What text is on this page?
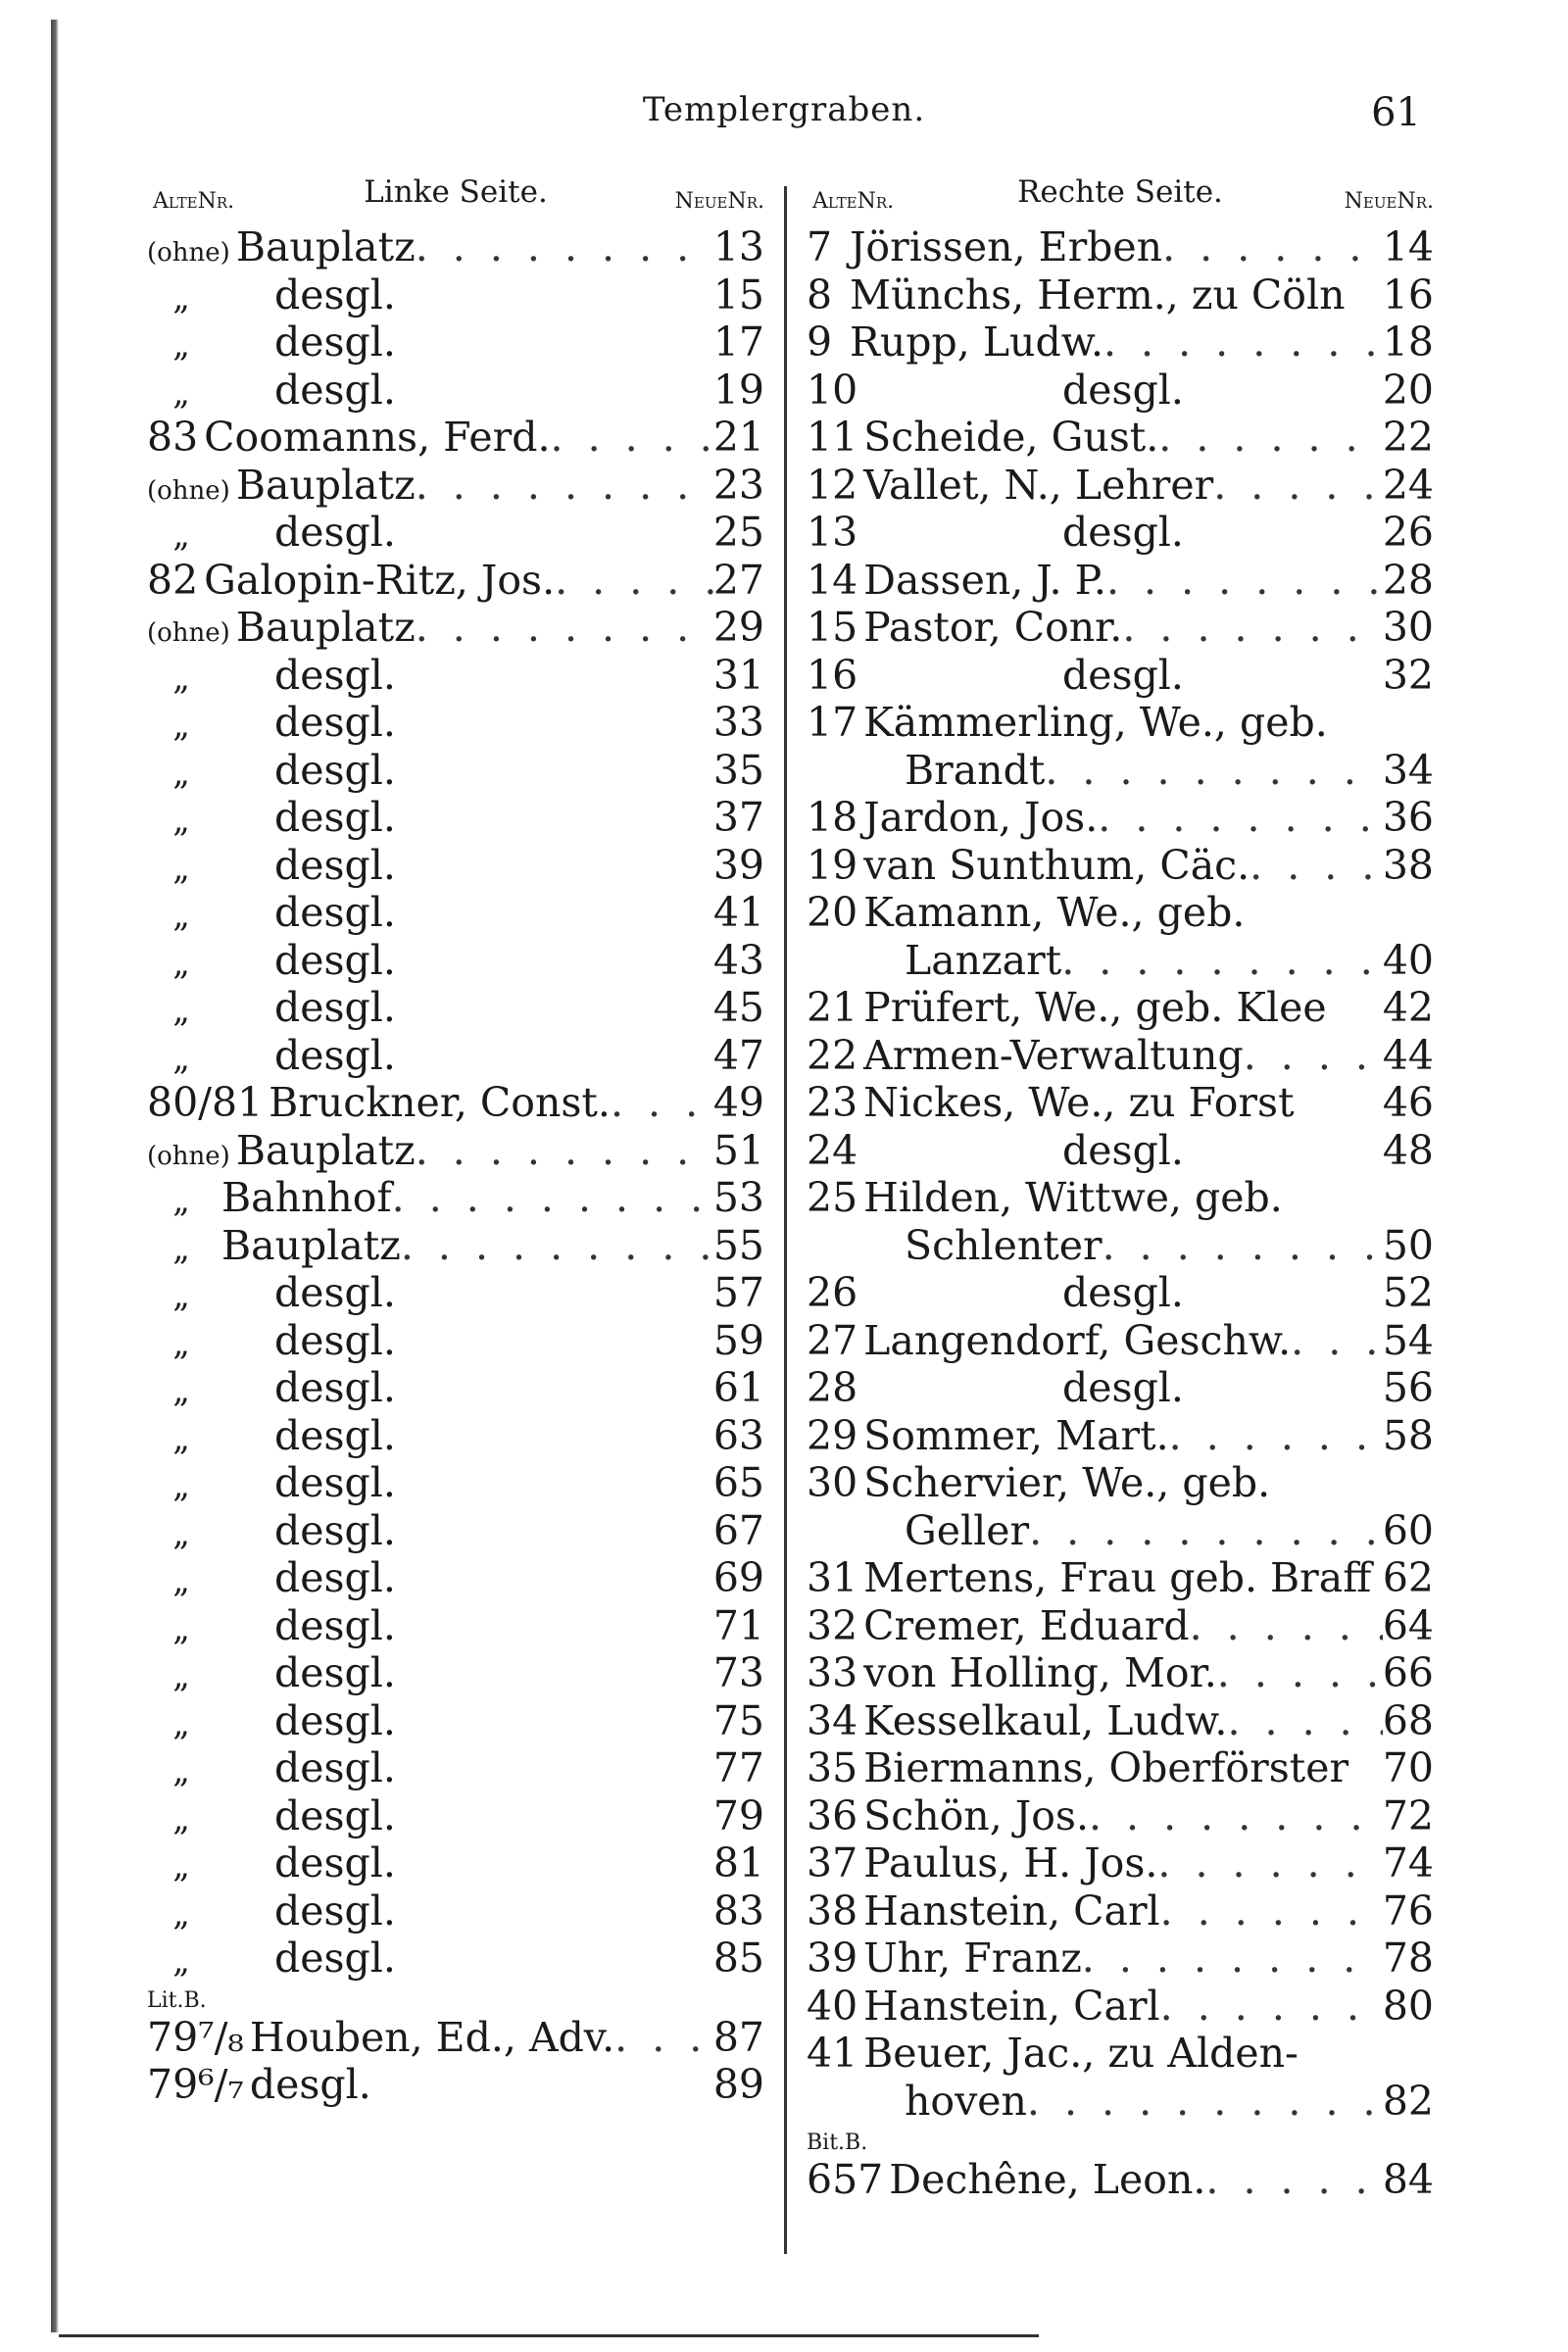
Templergraben.	61
AlteNr.	Linke Seite.	NeueNr.
(ohne) Bauplatz . . .	13
„	desgl.	15
„	desgl.	17
„	desgl.	19
83 Coomanns, Ferd. . . .	21
(ohne) Bauplatz . . .	23
„	desgl.	25
82 Galopin-Ritz, Jos. . . .	27
(ohne) Bauplatz . . .	29
„	desgl.	31
„	desgl.	33
„	desgl.	35
„	desgl.	37
„	desgl.	39
„	desgl.	41
„	desgl.	43
„	desgl.	45
„	desgl.	47
80/81 Bruckner, Const. . . .	49
(ohne) Bauplatz . . .	51
„ Bahnhof . . .	53
„ Bauplatz . . .	55
„	desgl.	57
„	desgl.	59
„	desgl.	61
„	desgl.	63
„	desgl.	65
„	desgl.	67
„	desgl.	69
„	desgl.	71
„	desgl.	73
„	desgl.	75
„	desgl.	77
„	desgl.	79
„	desgl.	81
„	desgl.	83
„	desgl.	85
Lit.B.
79⁷/₈ Houben, Ed., Adv. . . . 87
79⁶/₇ desgl.	89
AlteNr.	Rechte Seite.	NeueNr.
7 Jörissen, Erben . . .	14
8 Münchs, Herm., zu Cöln 16
9 Rupp, Ludw. . . .	18
10	desgl.	20
11 Scheide, Gust. . . .	22
12 Vallet, N., Lehrer . . .	24
13	desgl.	26
14 Dassen, J. P. . . .	28
15 Pastor, Conr. . . .	30
16	desgl.	32
17 Kämmerling, We., geb.
Brandt . . .	34
18 Jardon, Jos. . . .	36
19 van Sunthum, Cäc. . . .	38
20 Kamann, We., geb.
Lanzart . . .	40
21 Prüfert, We., geb. Klee 42
22 Armen-Verwaltung . . .	44
23 Nickes, We., zu Forst 46
24	desgl.	48
25 Hilden, Wittwe, geb.
Schlenter . . .	50
26	desgl.	52
27 Langendorf, Geschw. . . . 54
28	desgl.	56
29 Sommer, Mart. . . .	58
30 Schervier, We., geb.
Geller . . .	60
31 Mertens, Frau geb. Braff 62
32 Cremer, Eduard . . .	64
33 von Holling, Mor. . . .	66
34 Kesselkaul, Ludw. . . .	68
35 Biermanns, Oberförster 70
36 Schön, Jos. . . .	72
37 Paulus, H. Jos. . . .	74
38 Hanstein, Carl . . .	76
39 Uhr, Franz . . .	78
40 Hanstein, Carl . . .	80
41 Beuer, Jac., zu Alden-
hoven . . .	82
Bit.B.
657 Dechêne, Leon. . . .	84
